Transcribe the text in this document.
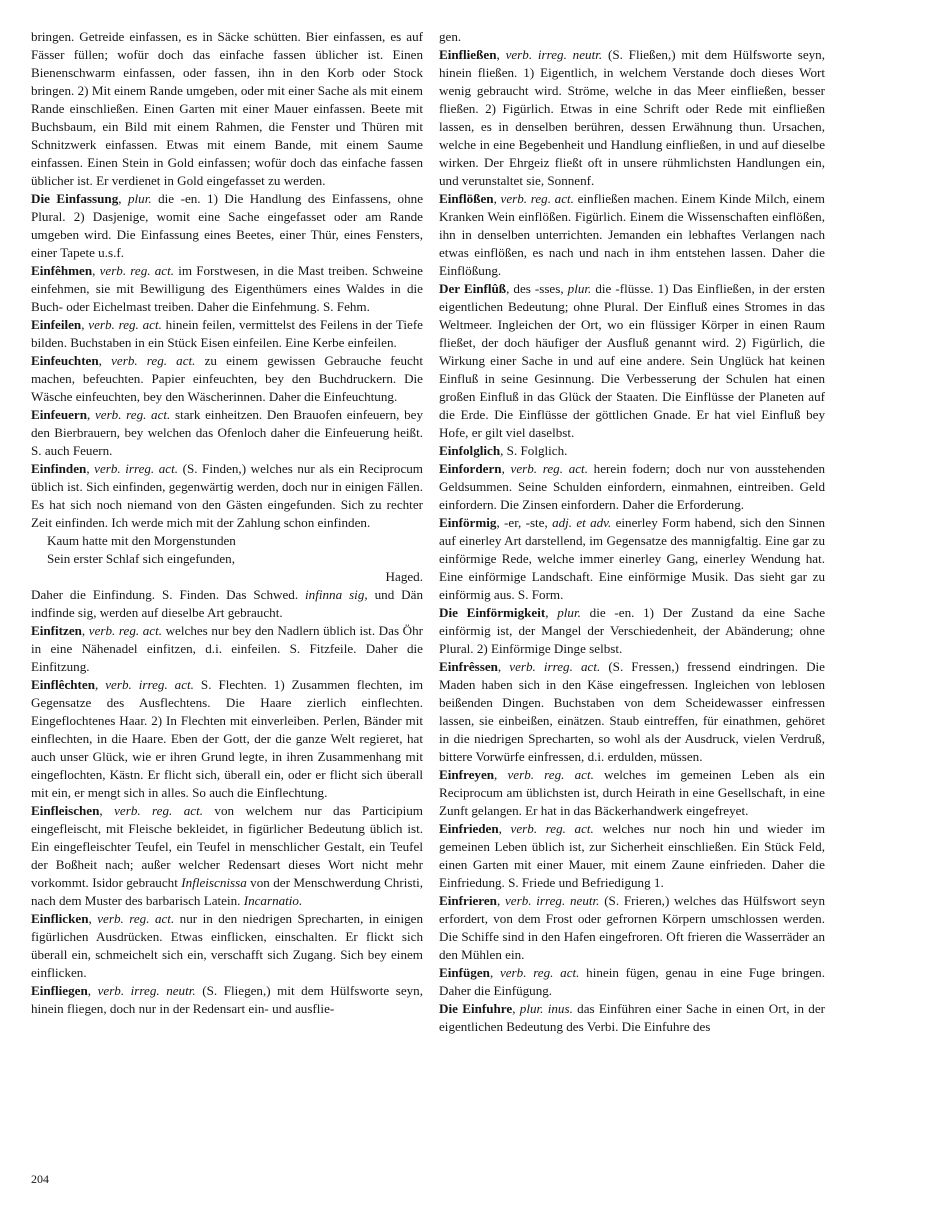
bringen. Getreide einfassen, es in Säcke schütten. Bier einfassen, es auf Fässer füllen; wofür doch das einfache fassen üblicher ist. Einen Bienenschwarm einfassen, oder fassen, ihn in den Korb oder Stock bringen. 2) Mit einem Rande umgeben, oder mit einer Sache als mit einem Rande einschließen. Einen Garten mit einer Mauer einfassen. Beete mit Buchsbaum, ein Bild mit einem Rahmen, die Fenster und Thüren mit Schnitzwerk einfassen. Etwas mit einem Bande, mit einem Saume einfassen. Einen Stein in Gold einfassen; wofür doch das einfache fassen üblicher ist. Er verdienet in Gold eingefasset zu werden.

Die Einfassung, plur. die -en. 1) Die Handlung des Einfassens, ohne Plural. 2) Dasjenige, womit eine Sache eingefasset oder am Rande umgeben wird. Die Einfassung eines Beetes, einer Thür, eines Fensters, einer Tapete u.s.f.

Einfêhmen, verb. reg. act. im Forstwesen, in die Mast treiben. Schweine einfehmen, sie mit Bewilligung des Eigenthümers eines Waldes in die Buch- oder Eichelmast treiben. Daher die Einfehmung. S. Fehm.

Einfeilen, verb. reg. act. hinein feilen, vermittelst des Feilens in der Tiefe bilden. Buchstaben in ein Stück Eisen einfeilen. Eine Kerbe einfeilen.

Einfeuchten, verb. reg. act. zu einem gewissen Gebrauche feucht machen, befeuchten. Papier einfeuchten, bey den Buchdruckern. Die Wäsche einfeuchten, bey den Wäscherinnen. Daher die Einfeuchtung.

Einfeuern, verb. reg. act. stark einheitzen. Den Brauofen einfeuern, bey den Bierbrauern, bey welchen das Ofenloch daher die Einfeuerung heißt. S. auch Feuern.

Einfinden, verb. irreg. act. (S. Finden,) welches nur als ein Reciprocum üblich ist. Sich einfinden, gegenwärtig werden, doch nur in einigen Fällen. Es hat sich noch niemand von den Gästen eingefunden. Sich zu rechter Zeit einfinden. Ich werde mich mit der Zahlung schon einfinden.

Kaum hatte mit den Morgenstunden

Sein erster Schlaf sich eingefunden,

Haged.

Daher die Einfindung. S. Finden. Das Schwed. infinna sig, und Dän indfinde sig, werden auf dieselbe Art gebraucht.

Einfitzen, verb. reg. act. welches nur bey den Nadlern üblich ist. Das Öhr in eine Nähenadel einfitzen, d.i. einfeilen. S. Fitzfeile. Daher die Einfitzung.

Einflêchten, verb. irreg. act. S. Flechten. 1) Zusammen flechten, im Gegensatze des Ausflechtens. Die Haare zierlich einflechten. Eingeflochtenes Haar. 2) In Flechten mit einverleiben. Perlen, Bänder mit einflechten, in die Haare. Eben der Gott, der die ganze Welt regieret, hat auch unser Glück, wie er ihren Grund legte, in ihren Zusammenhang mit eingeflochten, Kästn. Er flicht sich, überall ein, oder er flicht sich überall mit ein, er mengt sich in alles. So auch die Einflechtung.

Einfleischen, verb. reg. act. von welchem nur das Participium eingefleischt, mit Fleische bekleidet, in figürlicher Bedeutung üblich ist. Ein eingefleischter Teufel, ein Teufel in menschlicher Gestalt, ein Teufel der Boßheit nach; außer welcher Redensart dieses Wort nicht mehr vorkommt. Isidor gebraucht Infleiscnissa von der Menschwerdung Christi, nach dem Muster des barbarisch Latein. Incarnatio.

Einflicken, verb. reg. act. nur in den niedrigen Sprecharten, in einigen figürlichen Ausdrücken. Etwas einflicken, einschalten. Er flickt sich überall ein, schmeichelt sich ein, verschafft sich Zugang. Sich bey einem einflicken.

Einfliegen, verb. irreg. neutr. (S. Fliegen,) mit dem Hülfsworte seyn, hinein fliegen, doch nur in der Redensart ein- und ausflie-

gen.

Einfließen, verb. irreg. neutr. (S. Fließen,) mit dem Hülfsworte seyn, hinein fließen. 1) Eigentlich, in welchem Verstande doch dieses Wort wenig gebraucht wird. Ströme, welche in das Meer einfließen, besser fließen. 2) Figürlich. Etwas in eine Schrift oder Rede mit einfließen lassen, es in denselben berühren, dessen Erwähnung thun. Ursachen, welche in eine Begebenheit und Handlung einfließen, in und auf dieselbe wirken. Der Ehrgeiz fließt oft in unsere rühmlichsten Handlungen ein, und verunstaltet sie, Sonnenf.

Einflößen, verb. reg. act. einfließen machen. Einem Kinde Milch, einem Kranken Wein einflößen. Figürlich. Einem die Wissenschaften einflößen, ihn in denselben unterrichten. Jemanden ein lebhaftes Verlangen nach etwas einflößen, es nach und nach in ihm entstehen lassen. Daher die Einflößung.

Der Einflûß, des -sses, plur. die -flüsse. 1) Das Einfließen, in der ersten eigentlichen Bedeutung; ohne Plural. Der Einfluß eines Stromes in das Weltmeer. Ingleichen der Ort, wo ein flüssiger Körper in einen Raum fließet, der doch häufiger der Ausfluß genannt wird. 2) Figürlich, die Wirkung einer Sache in und auf eine andere. Sein Unglück hat keinen Einfluß in seine Gesinnung. Die Verbesserung der Schulen hat einen großen Einfluß in das Glück der Staaten. Die Einflüsse der Planeten auf die Erde. Die Einflüsse der göttlichen Gnade. Er hat viel Einfluß bey Hofe, er gilt viel daselbst.

Einfolglich, S. Folglich.

Einfordern, verb. reg. act. herein fodern; doch nur von ausstehenden Geldsummen. Seine Schulden einfordern, einmahnen, eintreiben. Geld einfordern. Die Zinsen einfordern. Daher die Erforderung.

Einförmig, -er, -ste, adj. et adv. einerley Form habend, sich den Sinnen auf einerley Art darstellend, im Gegensatze des mannigfaltig. Eine gar zu einförmige Rede, welche immer einerley Gang, einerley Wendung hat. Eine einförmige Landschaft. Eine einförmige Musik. Das sieht gar zu einförmig aus. S. Form.

Die Einförmigkeit, plur. die -en. 1) Der Zustand da eine Sache einförmig ist, der Mangel der Verschiedenheit, der Abänderung; ohne Plural. 2) Einförmige Dinge selbst.

Einfrêssen, verb. irreg. act. (S. Fressen,) fressend eindringen. Die Maden haben sich in den Käse eingefressen. Ingleichen von leblosen beißenden Dingen. Buchstaben von dem Scheidewasser einfressen lassen, sie einbeißen, einätzen. Staub eintreffen, für einathmen, gehöret in die niedrigen Sprecharten, so wohl als der Ausdruck, vielen Verdruß, bittere Vorwürfe einfressen, d.i. erdulden, müssen.

Einfreyen, verb. reg. act. welches im gemeinen Leben als ein Reciprocum am üblichsten ist, durch Heirath in eine Gesellschaft, in eine Zunft gelangen. Er hat in das Bäckerhandwerk eingefreyet.

Einfrieden, verb. reg. act. welches nur noch hin und wieder im gemeinen Leben üblich ist, zur Sicherheit einschließen. Ein Stück Feld, einen Garten mit einer Mauer, mit einem Zaune einfrieden. Daher die Einfriedung. S. Friede und Befriedigung 1.

Einfrieren, verb. irreg. neutr. (S. Frieren,) welches das Hülfswort seyn erfordert, von dem Frost oder gefrornen Körpern umschlossen werden. Die Schiffe sind in den Hafen eingefroren. Oft frieren die Wasserräder an den Mühlen ein.

Einfügen, verb. reg. act. hinein fügen, genau in eine Fuge bringen. Daher die Einfügung.

Die Einfuhre, plur. inus. das Einführen einer Sache in einen Ort, in der eigentlichen Bedeutung des Verbi. Die Einfuhre des

204
